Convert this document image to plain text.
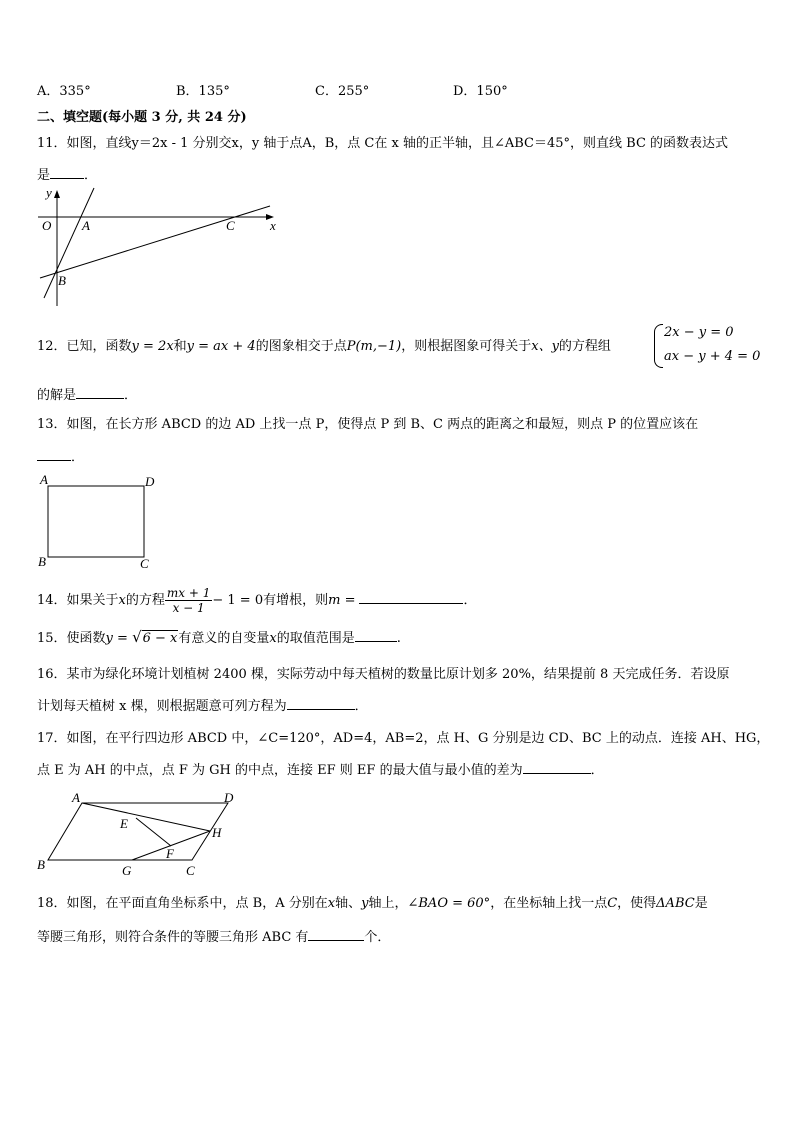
A．335°	B．135°	C．255°	D．150°
二、填空题(每小题 3 分, 共 24 分)
11．如图，直线y＝2x - 1 分别交x，y 轴于点A，B，点 C在 x 轴的正半轴，且∠ABC＝45°，则直线 BC 的函数表达式
是	．
y
O A	C	x
B
12．已知，函数y = 2x和y = ax + 4的图象相交于点P(m,−1)，则根据图象可得关于x、y的方程组
2x − y = 0
ax − y + 4 = 0
的解是	．
13．如图，在长方形 ABCD 的边 AD 上找一点 P，使得点 P 到 B、C 两点的距离之和最短，则点 P 的位置应该在
．
A	D
B	C
14．如果关于x的方程 $\frac{mx + 1}{x - 1} - 1 = 0$有增根，则m =	．
15．使函数y = √6 − x有意义的自变量x的取值范围是	.
16．某市为绿化环境计划植树 2400 棵，实际劳动中每天植树的数量比原计划多 20%，结果提前 8 天完成任务．若设原
计划每天植树 x 棵，则根据题意可列方程为	．
17．如图，在平行四边形 ABCD 中，∠C=120°，AD=4，AB=2，点 H、G 分别是边 CD、BC 上的动点．连接 AH、HG，
点 E 为 AH 的中点，点 F 为 GH 的中点，连接 EF 则 EF 的最大值与最小值的差为	．
A	D
E
H
F
B	G	C
18．如图，在平面直角坐标系中，点 B，A 分别在x轴、y轴上，∠BAO = 60°，在坐标轴上找一点C，使得ΔABC是
等腰三角形，则符合条件的等腰三角形 ABC 有	个．
